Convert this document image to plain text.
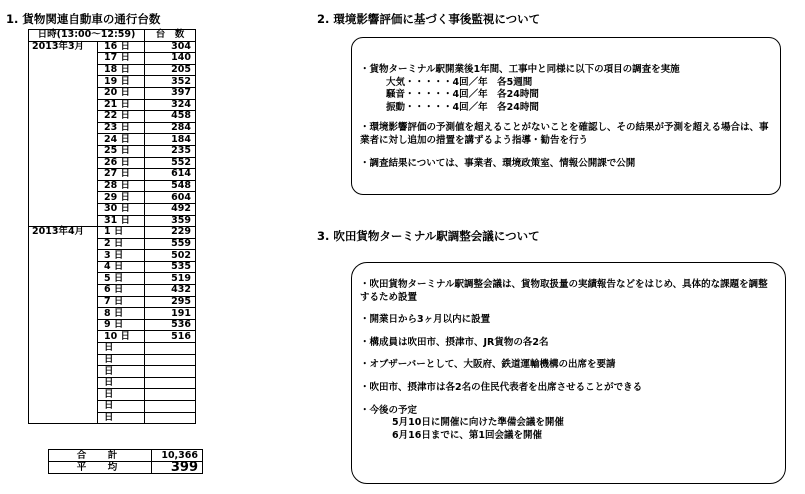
1. 貨物関連自動車の通行台数
日時(13:00～12:59)		台　数
2013年3月	16 日	304
	17 日	140
	18 日	205
	19 日	352
	20 日	397
	21 日	324
	22 日	458
	23 日	284
	24 日	184
	25 日	235
	26 日	552
	27 日	614
	28 日	548
	29 日	604
	30 日	492
	31 日	359
2013年4月	1 日	229
	2 日	559
	3 日	502
	4 日	535
	5 日	519
	6 日	432
	7 日	295
	8 日	191
	9 日	536
	10 日	516
	日	
	日	
	日	
	日	
	日	
	日	
	日	
合　計	10,366
平　均	399
2. 環境影響評価に基づく事後監視について
・貨物ターミナル駅開業後1年間、工事中と同様に以下の項目の調査を実施
大気・・・・・4回／年　各5週間
騒音・・・・・4回／年　各24時間
振動・・・・・4回／年　各24時間

・環境影響評価の予測値を超えることがないことを確認し、その結果が予測を超える場合は、事業者に対し追加の措置を講ずるよう指導・勧告を行う

・調査結果については、事業者、環境政策室、情報公開課で公開

3. 吹田貨物ターミナル駅調整会議について

・吹田貨物ターミナル駅調整会議は、貨物取扱量の実績報告などをはじめ、具体的な課題を調整するため設置

・開業日から3ヶ月以内に設置

・構成員は吹田市、摂津市、JR貨物の各2名

・オブザーバーとして、大阪府、鉄道運輸機構の出席を要請

・吹田市、摂津市は各2名の住民代表者を出席させることができる

・今後の予定
5月10日に開催に向けた準備会議を開催
6月16日までに、第1回会議を開催
